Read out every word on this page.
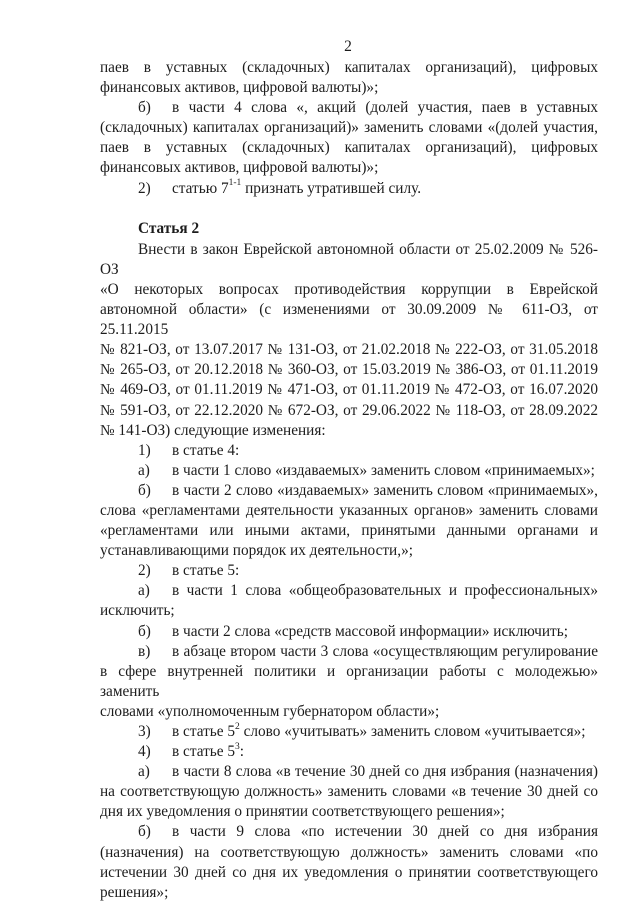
2

паев в уставных (складочных) капиталах организаций), цифровых

финансовых активов, цифровой валюты)»;

б)	в части 4 слова «, акций (долей участия, паев в уставных

(складочных) капиталах организаций)» заменить словами «(долей участия,

паев в уставных (складочных) капиталах организаций), цифровых

финансовых активов, цифровой валюты)»;

2)	статью 7$^{1-1}$ признать утратившей силу.

Статья 2

Внести в закон Еврейской автономной области от 25.02.2009 № 526-ОЗ

«О некоторых вопросах противодействия коррупции в Еврейской

автономной области» (с изменениями от 30.09.2009 № 611-ОЗ, от 25.11.2015

№ 821-ОЗ, от 13.07.2017 № 131-ОЗ, от 21.02.2018 № 222-ОЗ, от 31.05.2018

№ 265-ОЗ, от 20.12.2018 № 360-ОЗ, от 15.03.2019 № 386-ОЗ, от 01.11.2019

№ 469-ОЗ, от 01.11.2019 № 471-ОЗ, от 01.11.2019 № 472-ОЗ, от 16.07.2020

№ 591-ОЗ, от 22.12.2020 № 672-ОЗ, от 29.06.2022 № 118-ОЗ, от 28.09.2022

№ 141-ОЗ) следующие изменения:

1)	в статье 4:
а)	в части 1 слово «издаваемых» заменить словом «принимаемых»;
б)	в части 2 слово «издаваемых» заменить словом «принимаемых»,

слова «регламентами деятельности указанных органов» заменить словами

«регламентами или иными актами, принятыми данными органами и

устанавливающими порядок их деятельности,»;

2)	в статье 5:
а)	в части 1 слова «общеобразовательных и профессиональных»

исключить;

б)	в части 2 слова «средств массовой информации» исключить;
в)	в абзаце втором части 3 слова «осуществляющим регулирование

в сфере внутренней политики и организации работы с молодежью» заменить

словами «уполномоченным губернатором области»;

3)	в статье $5^2$ слово «учитывать» заменить словом «учитывается»;
4)	в статье $5^3$:
а)	в части 8 слова «в течение 30 дней со дня избрания (назначения)

на соответствующую должность» заменить словами «в течение 30 дней со

дня их уведомления о принятии соответствующего решения»;

б)	в части 9 слова «по истечении 30 дней со дня избрания

(назначения) на соответствующую должность» заменить словами «по

истечении 30 дней со дня их уведомления о принятии соответствующего

решения»;
